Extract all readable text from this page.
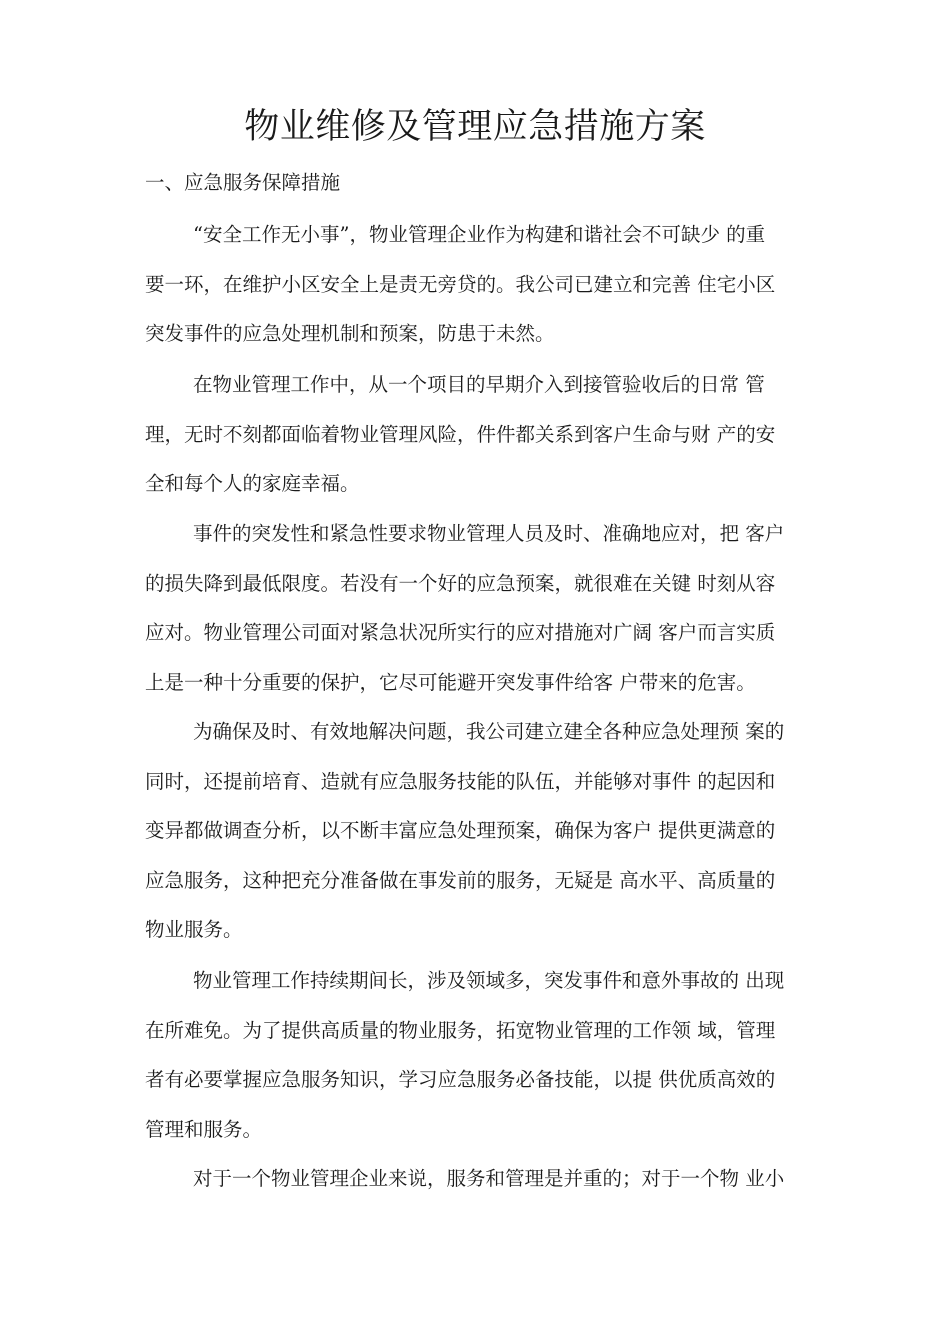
物业维修及管理应急措施方案
一、应急服务保障措施
“安全工作无小事”，物业管理企业作为构建和谐社会不可缺少 的重
要一环，在维护小区安全上是责无旁贷的。我公司已建立和完善 住宅小区
突发事件的应急处理机制和预案，防患于未然。
在物业管理工作中，从一个项目的早期介入到接管验收后的日常 管
理，无时不刻都面临着物业管理风险，件件都关系到客户生命与财 产的安
全和每个人的家庭幸福。
事件的突发性和紧急性要求物业管理人员及时、准确地应对，把 客户
的损失降到最低限度。若没有一个好的应急预案，就很难在关键 时刻从容
应对。物业管理公司面对紧急状况所实行的应对措施对广阔 客户而言实质
上是一种十分重要的保护，它尽可能避开突发事件给客 户带来的危害。
为确保及时、有效地解决问题，我公司建立建全各种应急处理预 案的
同时，还提前培育、造就有应急服务技能的队伍，并能够对事件 的起因和
变异都做调查分析，以不断丰富应急处理预案，确保为客户 提供更满意的
应急服务，这种把充分准备做在事发前的服务，无疑是 高水平、高质量的
物业服务。
物业管理工作持续期间长，涉及领域多，突发事件和意外事故的 出现
在所难免。为了提供高质量的物业服务，拓宽物业管理的工作领 域，管理
者有必要掌握应急服务知识，学习应急服务必备技能，以提 供优质高效的
管理和服务。
对于一个物业管理企业来说，服务和管理是并重的；对于一个物 业小
